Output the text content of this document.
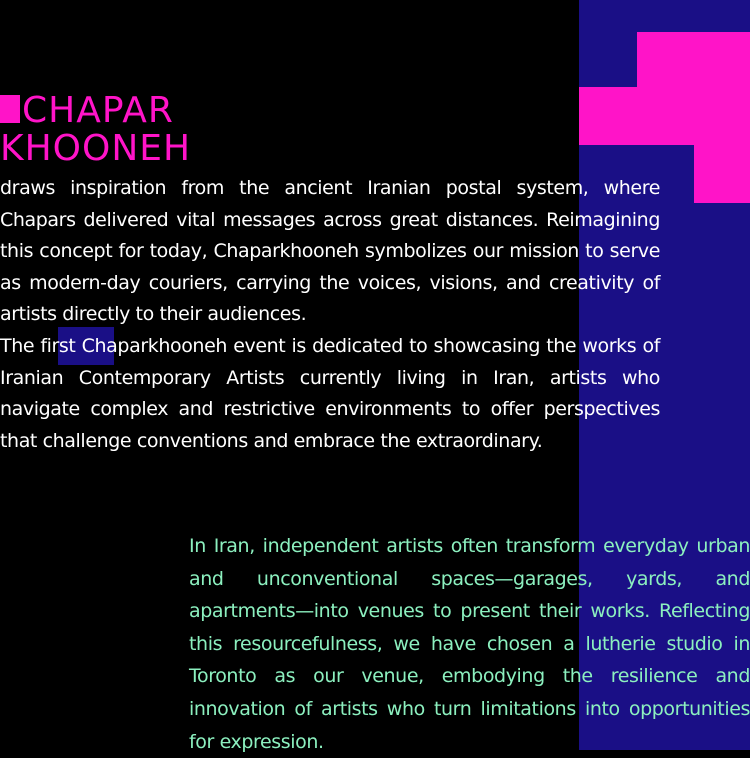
CHAPAR
KHOONEH

draws inspiration from the ancient Iranian postal system, where Chapars delivered vital messages across great distances. Reimagining this concept for today, Chaparkhooneh symbolizes our mission to serve as modern-day couriers, carrying the voices, visions, and creativity of artists directly to their audiences.

The first Chaparkhooneh event is dedicated to showcasing the works of Iranian Contemporary Artists currently living in Iran, artists who navigate complex and restrictive environments to offer perspectives that challenge conventions and embrace the extraordinary.

In Iran, independent artists often transform everyday urban and unconventional spaces—garages, yards, and apartments—into venues to present their works. Reflecting this resourcefulness, we have chosen a lutherie studio in Toronto as our venue, embodying the resilience and innovation of artists who turn limitations into opportunities for expression.
